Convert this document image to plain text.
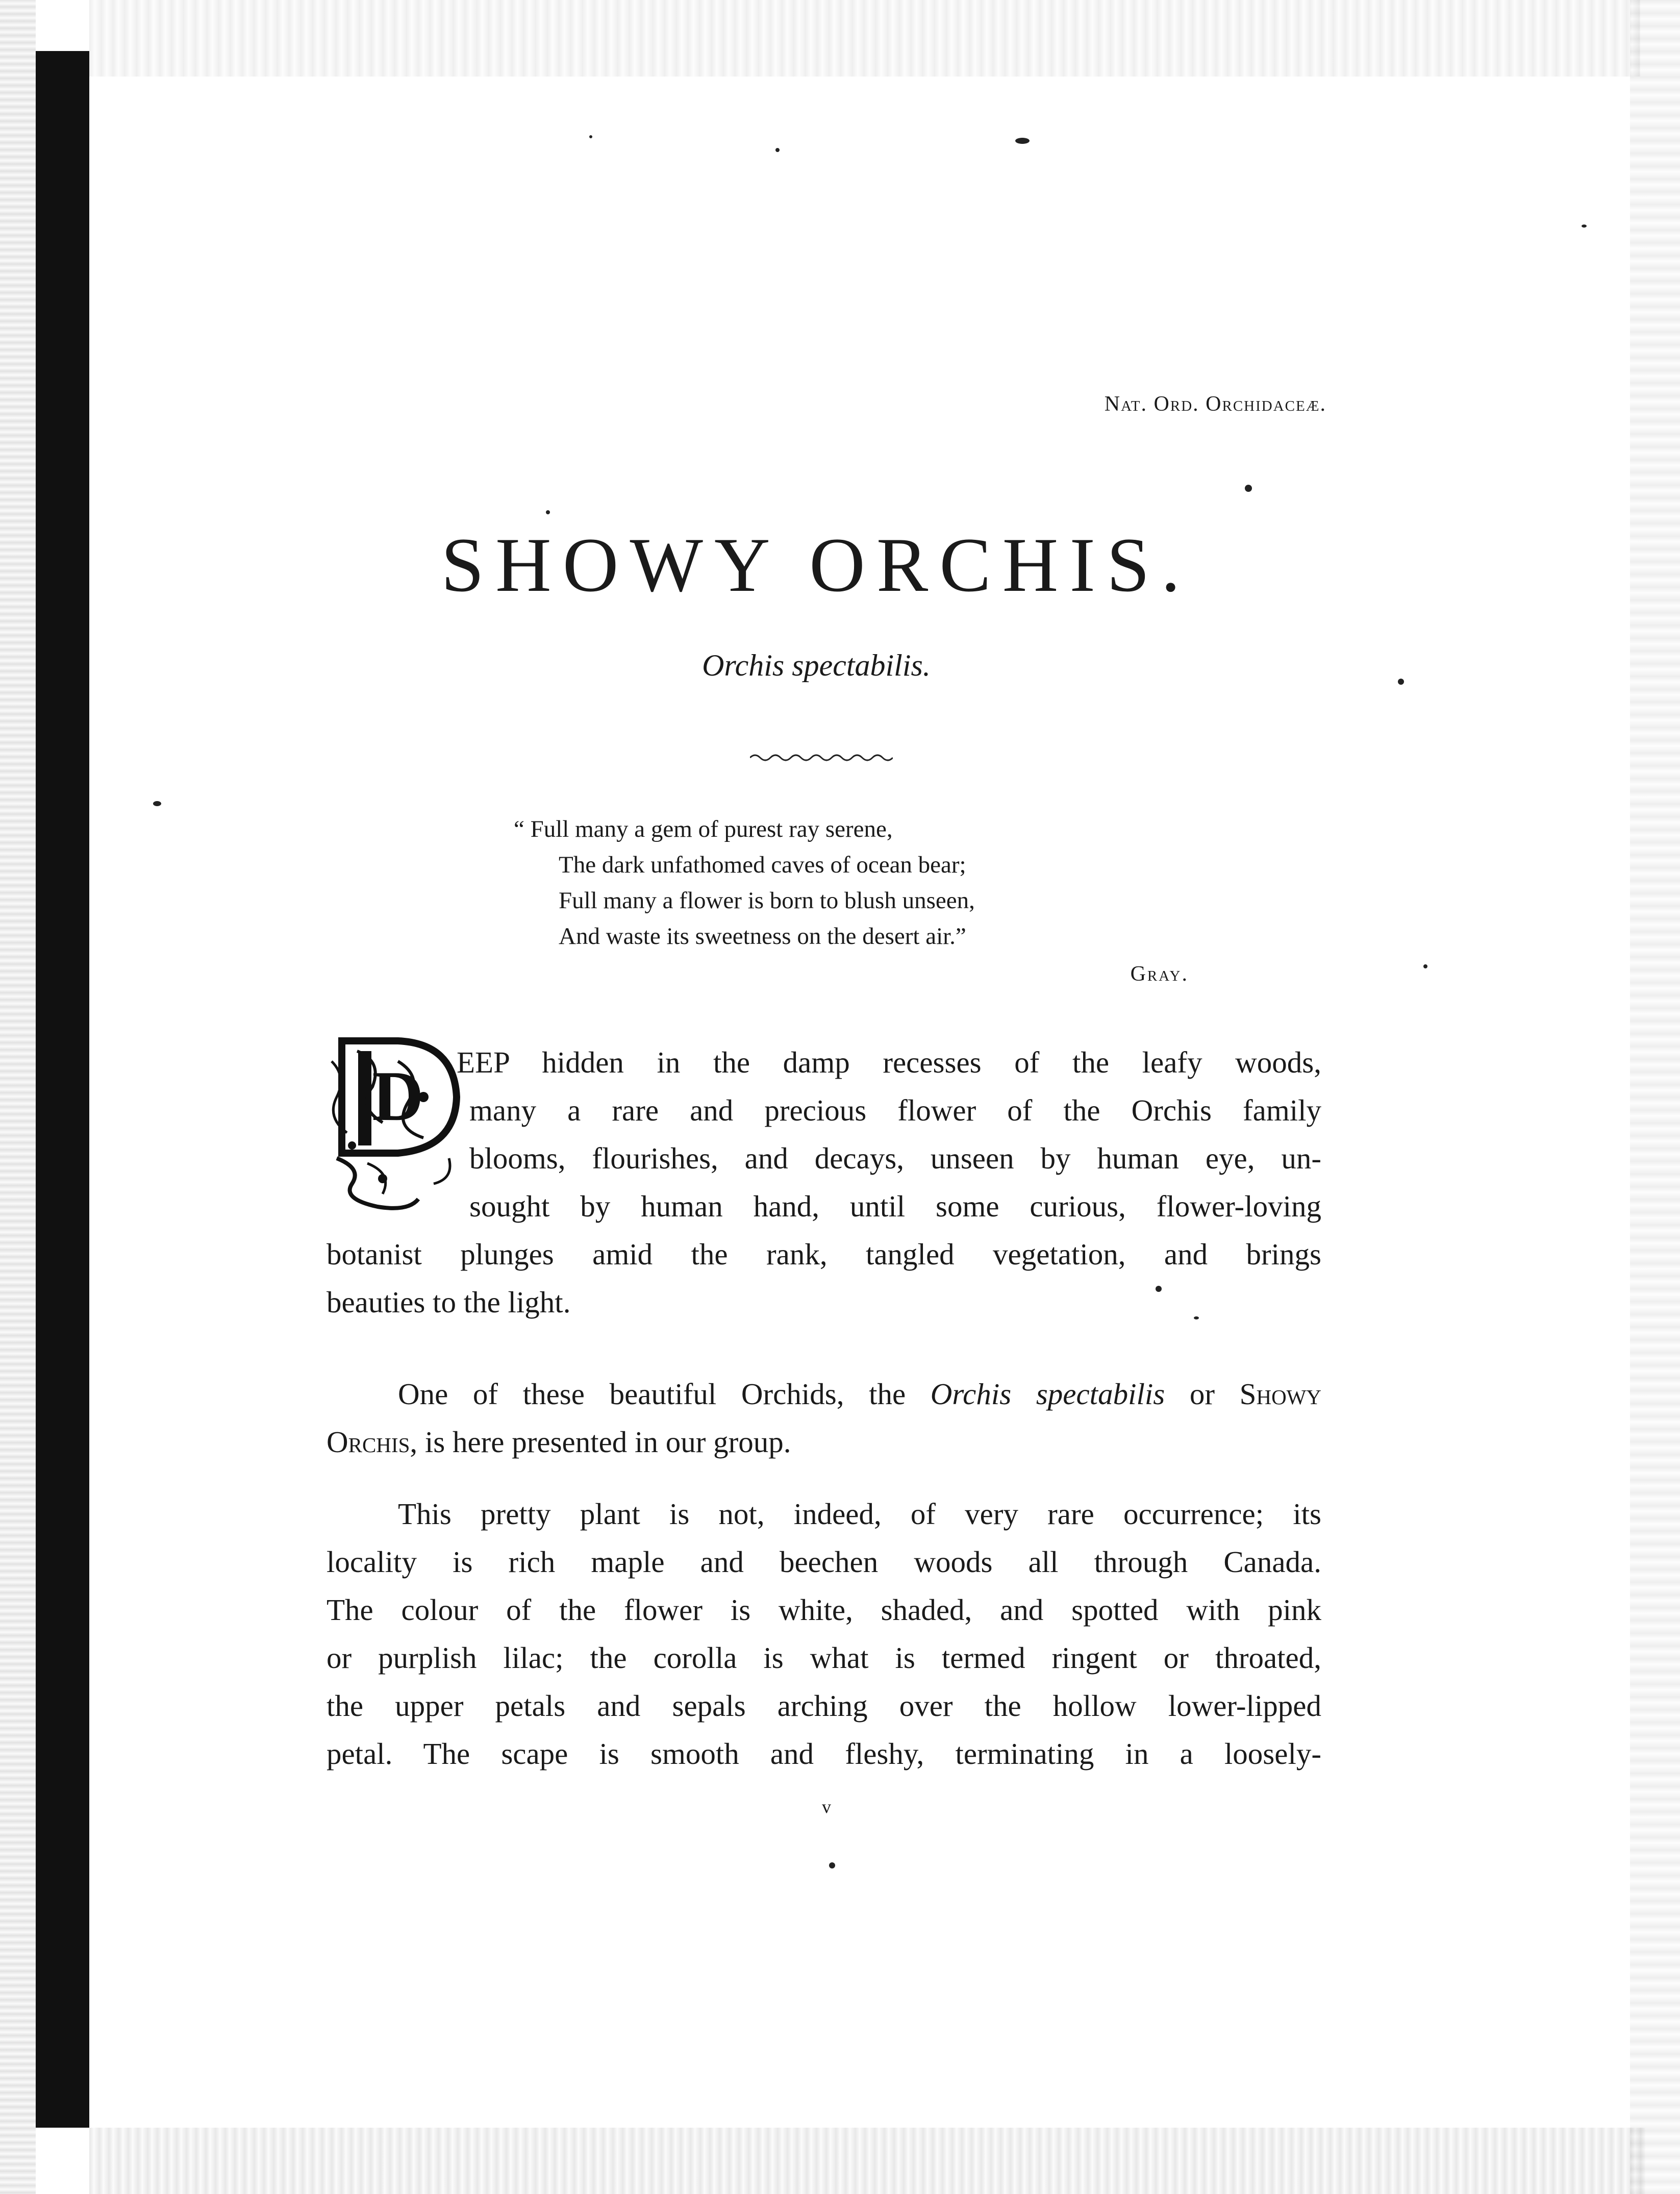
Nat. Ord. Orchidaceæ.
SHOWY ORCHIS.
Orchis spectabilis.
“ Full many a gem of purest ray serene,
The dark unfathomed caves of ocean bear;
Full many a flower is born to blush unseen,
And waste its sweetness on the desert air.”
Gray.
D	EEP hidden in the damp recesses of the leafy woods,
many a rare and precious flower of the Orchis family
blooms, flourishes, and decays, unseen by human eye, un-
sought by human hand, until some curious, flower-loving
botanist plunges amid the rank, tangled vegetation, and brings
beauties to the light.
One of these beautiful Orchids, the Orchis spectabilis or Showy
Orchis, is here presented in our group.
This pretty plant is not, indeed, of very rare occurrence; its
locality is rich maple and beechen woods all through Canada.
The colour of the flower is white, shaded, and spotted with pink
or purplish lilac; the corolla is what is termed ringent or throated,
the upper petals and sepals arching over the hollow lower-lipped
petal. The scape is smooth and fleshy, terminating in a loosely-
v
